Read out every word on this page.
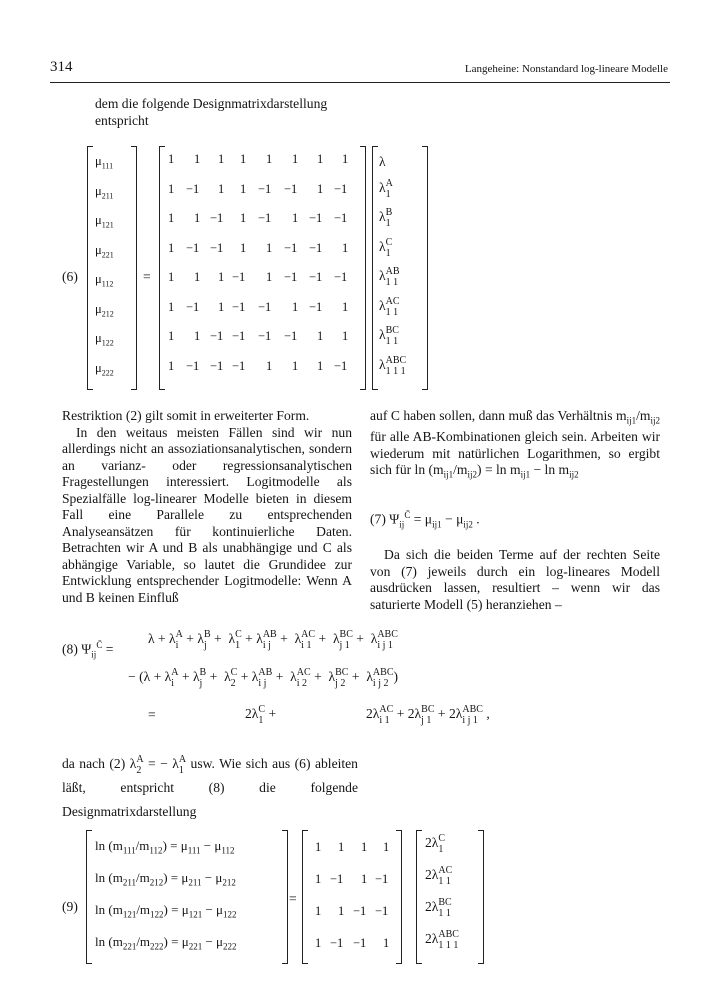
314	Langeheine: Nonstandard log-lineare Modelle
dem die folgende Designmatrixdarstellung entspricht
(6)
$\mu_{111}$
$\mu_{211}$
$\mu_{121}$
$\mu_{221}$
$\mu_{112}$
$\mu_{212}$
$\mu_{122}$
$\mu_{222}$
=
1 1 1 1 1 1 1 1
1 −1 1 1 −1 −1 1 −1
1 1 −1 1 −1 1 −1 −1
1 −1 −1 1 1 −1 −1 1
1 1 1 −1 1 −1 −1 −1
1 −1 1 −1 −1 1 −1 1
1 1 −1 −1 −1 −1 1 1
1 −1 −1 −1 1 1 1 −1
λ
λ A
1
λ B
1
λ C
1
λ AB
1 1
λ AC
1 1
λ BC
1 1
λ ABC
1 1 1

Restriktion (2) gilt somit in erweiterter Form.

In den weitaus meisten Fällen sind wir nun allerdings nicht an assoziationsanalytischen, sondern an varianz- oder regressionsanalytischen Fragestellungen interessiert. Logitmodelle als Spezialfälle log-linearer Modelle bieten in diesem Fall eine Parallele zu entsprechenden Analyseansätzen für kontinuierliche Daten. Betrachten wir A und B als unabhängige und C als abhängige Variable, so lautet die Grundidee zur Entwicklung entsprechender Logitmodelle: Wenn A und B keinen Einfluß

auf C haben sollen, dann muß das Verhältnis $m_{ij1}/m_{ij2}$ für alle AB-Kombinationen gleich sein. Arbeiten wir wiederum mit natürlichen Logarithmen, so ergibt sich für $\ln (m_{ij1}/m_{ij2}) = \ln m_{ij1} - \ln m_{ij2}$

(7) $\Psi_{ij}^{C̄} = \mu_{ij1} - \mu_{ij2}$ .

Da sich die beiden Terme auf der rechten Seite von (7) jeweils durch ein log-lineares Modell ausdrücken lassen, resultiert – wenn wir das saturierte Modell (5) heranziehen –

(8) $\Psi_{ij}^{C̄}$ =
λ + λ A
i + λ B
j +  λ C
1 + λ AB
i j +  λ AC
i 1 +  λ BC
j 1 +  λ ABC
i j 1
− (λ + λ A
i + λ B
j +  λ C
2 + λ AB
i j +  λ AC
i 2 +  λ BC
j 2 +  λ ABC
i j 2 )
=	2λ C
1 +	2λ AC
i 1 + 2λ BC
j 1 + 2λ ABC
i j 1 ,
da nach (2) λ A
2 = − λ A
1 usw. Wie sich aus (6) ableiten läßt, entspricht (8) die folgende Designmatrixdarstellung
(9)
$\ln (m_{111}/m_{112}) = \mu_{111} - \mu_{112}$
$\ln (m_{211}/m_{212}) = \mu_{211} - \mu_{212}$
$\ln (m_{121}/m_{122}) = \mu_{121} - \mu_{122}$
$\ln (m_{221}/m_{222}) = \mu_{221} - \mu_{222}$
=
1 1 1 1
1 −1 1 −1
1 1 −1 −1
1 −1 −1 1
2λ C
1
2λ AC
1 1
2λ BC
1 1
2λ ABC
1 1 1
